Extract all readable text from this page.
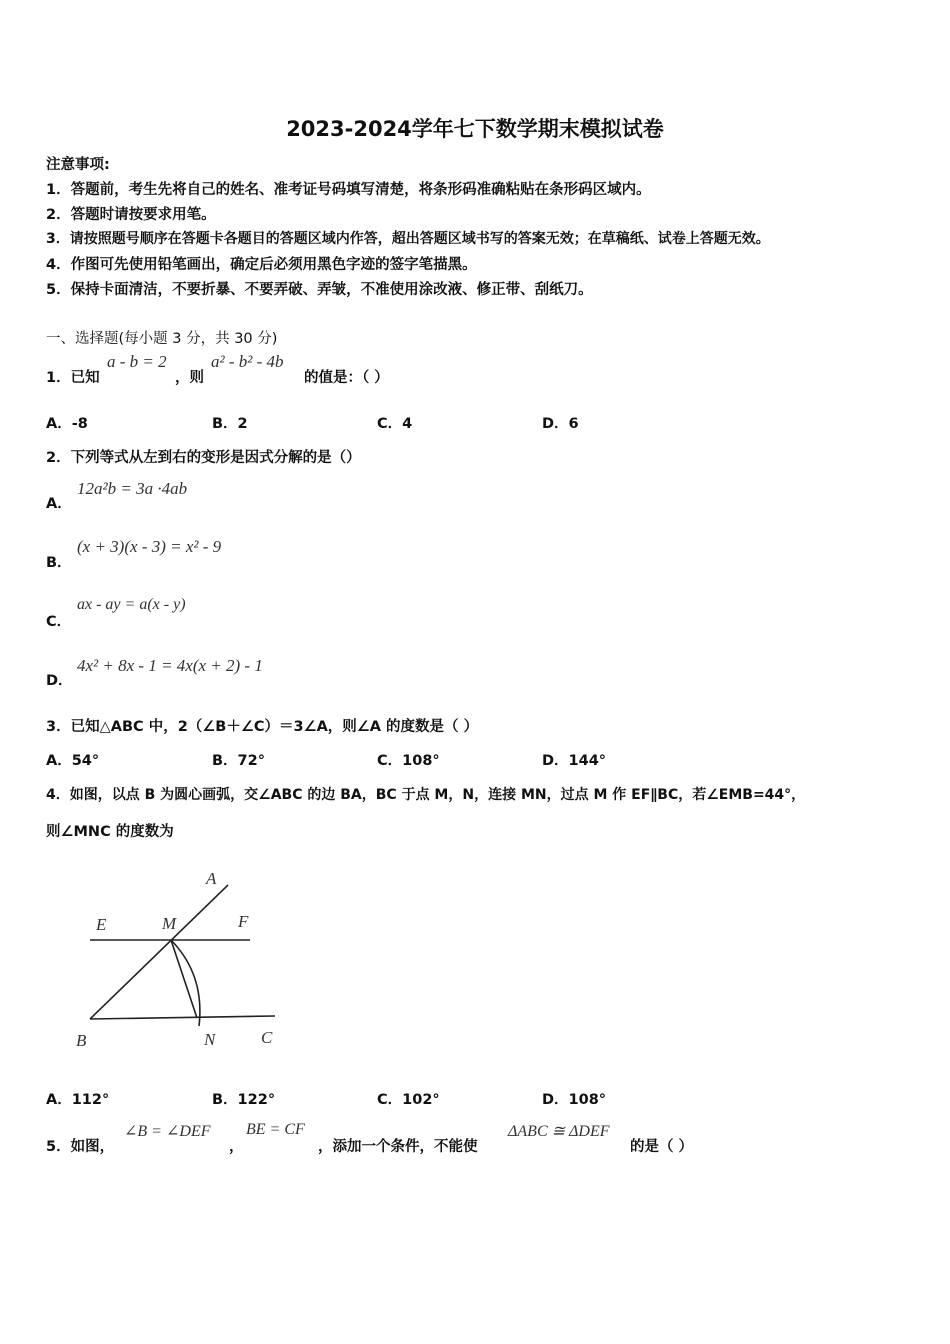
2023-2024学年七下数学期末模拟试卷
注意事项:
1．答题前，考生先将自己的姓名、准考证号码填写清楚，将条形码准确粘贴在条形码区域内。
2．答题时请按要求用笔。
3．请按照题号顺序在答题卡各题目的答题区域内作答，超出答题区域书写的答案无效；在草稿纸、试卷上答题无效。
4．作图可先使用铅笔画出，确定后必须用黑色字迹的签字笔描黑。
5．保持卡面清洁，不要折暴、不要弄破、弄皱，不准使用涂改液、修正带、刮纸刀。
一、选择题(每小题 3 分，共 30 分)
1．已知
a - b = 2
，则
a² - b² - 4b
的值是：（ ）
A．-8	B．2	C．4	D．6
2．下列等式从左到右的变形是因式分解的是（）
A．
12a²b = 3a ·4ab
B．
(x + 3)(x - 3) = x² - 9
C．
ax - ay = a(x - y)
D．
4x² + 8x - 1 = 4x(x + 2) - 1
3．已知△ABC 中，2（∠B＋∠C）＝3∠A，则∠A 的度数是（ ）
A．54°	B．72°	C．108°	D．144°
4．如图，以点 B 为圆心画弧，交∠ABC 的边 BA，BC 于点 M，N，连接 MN，过点 M 作 EF∥BC，若∠EMB=44°，
则∠MNC 的度数为
A
E	M	F
B	N	C
A．112°	B．122°	C．102°	D．108°
5．如图，
∠B = ∠DEF
，
BE = CF
，添加一个条件，不能使
ΔABC ≅ ΔDEF
的是（ ）
